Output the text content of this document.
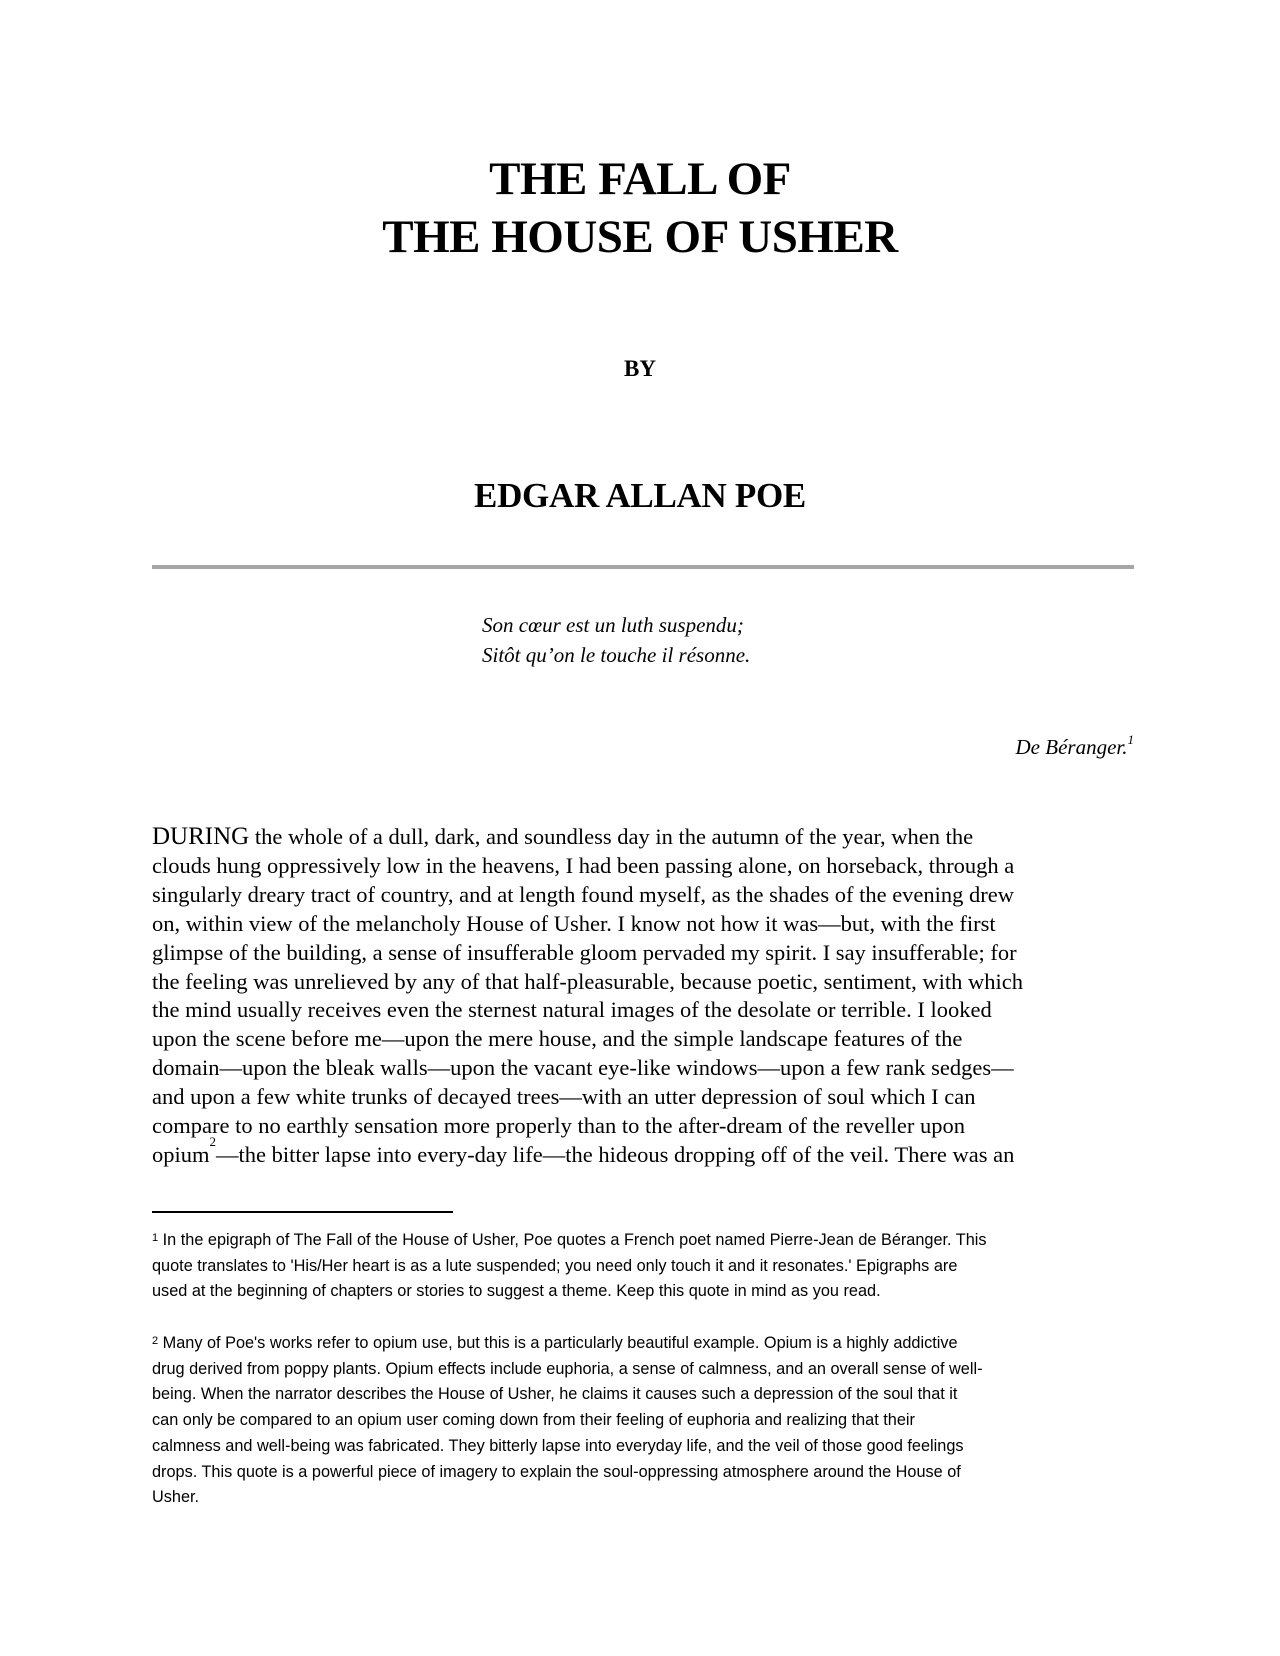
THE FALL OF
THE HOUSE OF USHER
BY
EDGAR ALLAN POE
Son cœur est un luth suspendu;
Sitôt qu’on le touche il résonne.
De Béranger.$^1$
DURING the whole of a dull, dark, and soundless day in the autumn of the year, when the
clouds hung oppressively low in the heavens, I had been passing alone, on horseback, through a
singularly dreary tract of country, and at length found myself, as the shades of the evening drew
on, within view of the melancholy House of Usher. I know not how it was—but, with the first
glimpse of the building, a sense of insufferable gloom pervaded my spirit. I say insufferable; for
the feeling was unrelieved by any of that half-pleasurable, because poetic, sentiment, with which
the mind usually receives even the sternest natural images of the desolate or terrible. I looked
upon the scene before me—upon the mere house, and the simple landscape features of the
domain—upon the bleak walls—upon the vacant eye-like windows—upon a few rank sedges—
and upon a few white trunks of decayed trees—with an utter depression of soul which I can
compare to no earthly sensation more properly than to the after-dream of the reveller upon
opium$^2$—the bitter lapse into every-day life—the hideous dropping off of the veil. There was an
$^1$ In the epigraph of The Fall of the House of Usher, Poe quotes a French poet named Pierre-Jean de Béranger. This
quote translates to 'His/Her heart is as a lute suspended; you need only touch it and it resonates.' Epigraphs are
used at the beginning of chapters or stories to suggest a theme. Keep this quote in mind as you read.
$^2$ Many of Poe's works refer to opium use, but this is a particularly beautiful example. Opium is a highly addictive
drug derived from poppy plants. Opium effects include euphoria, a sense of calmness, and an overall sense of well-
being. When the narrator describes the House of Usher, he claims it causes such a depression of the soul that it
can only be compared to an opium user coming down from their feeling of euphoria and realizing that their
calmness and well-being was fabricated. They bitterly lapse into everyday life, and the veil of those good feelings
drops. This quote is a powerful piece of imagery to explain the soul-oppressing atmosphere around the House of
Usher.
